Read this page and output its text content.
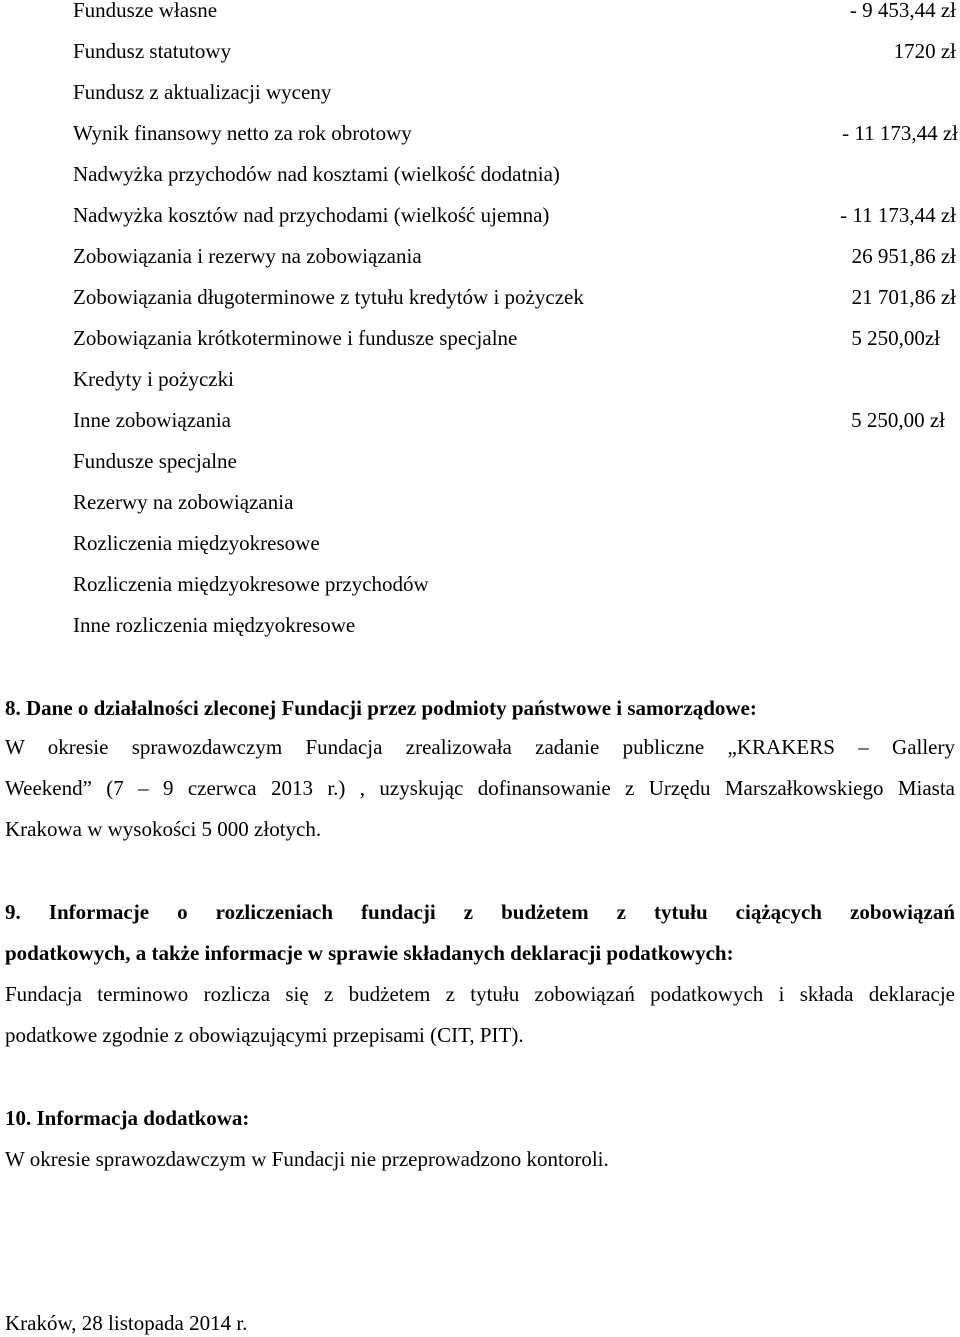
Fundusze własne	- 9 453,44 zł
Fundusz statutowy	1720 zł
Fundusz z aktualizacji wyceny
Wynik finansowy netto za rok obrotowy	- 11 173,44 zł
Nadwyżka przychodów nad kosztami (wielkość dodatnia)
Nadwyżka kosztów nad przychodami (wielkość ujemna)	- 11 173,44 zł
Zobowiązania i rezerwy na zobowiązania	26 951,86 zł
Zobowiązania długoterminowe z tytułu kredytów i pożyczek	21 701,86 zł
Zobowiązania krótkoterminowe i fundusze specjalne	5 250,00zł
Kredyty i pożyczki
Inne zobowiązania	5 250,00 zł
Fundusze specjalne
Rezerwy na zobowiązania
Rozliczenia międzyokresowe
Rozliczenia międzyokresowe przychodów
Inne rozliczenia międzyokresowe
8. Dane o działalności zleconej Fundacji przez podmioty państwowe i samorządowe:
W okresie sprawozdawczym Fundacja zrealizowała zadanie publiczne „KRAKERS – Gallery
Weekend” (7 – 9 czerwca 2013 r.) , uzyskując dofinansowanie z Urzędu Marszałkowskiego Miasta
Krakowa w wysokości 5 000 złotych.
9. Informacje o rozliczeniach fundacji z budżetem z tytułu ciążących zobowiązań
podatkowych, a także informacje w sprawie składanych deklaracji podatkowych:
Fundacja terminowo rozlicza się z budżetem z tytułu zobowiązań podatkowych i składa deklaracje
podatkowe zgodnie z obowiązującymi przepisami (CIT, PIT).
10. Informacja dodatkowa:
W okresie sprawozdawczym w Fundacji nie przeprowadzono kontoroli.
Kraków, 28 listopada 2014 r.
